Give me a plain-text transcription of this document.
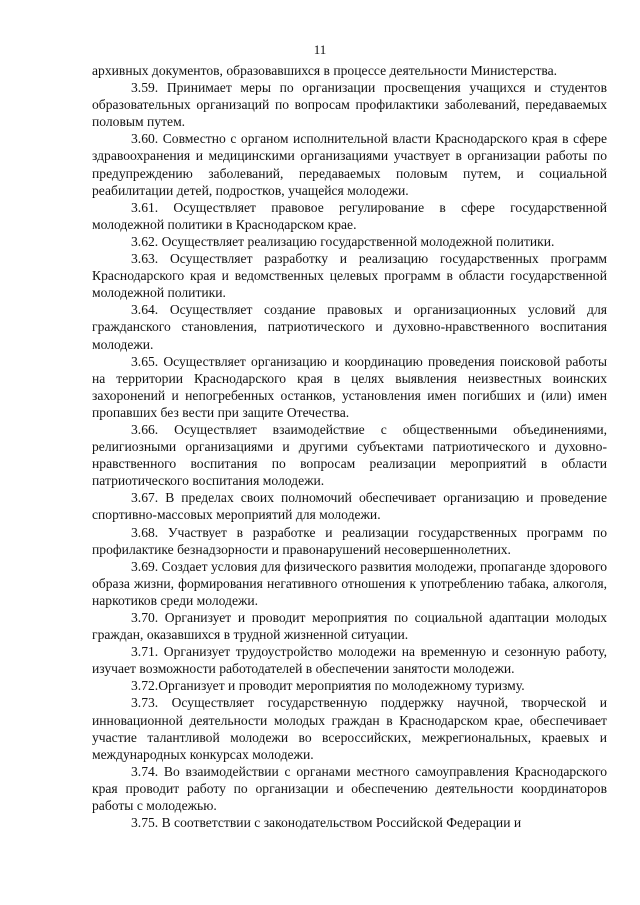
11

архивных документов, образовавшихся в процессе деятельности Министерства.

3.59. Принимает меры по организации просвещения учащихся и студентов образовательных организаций по вопросам профилактики заболеваний, передаваемых половым путем.

3.60. Совместно с органом исполнительной власти Краснодарского края в сфере здравоохранения и медицинскими организациями участвует в организации работы по предупреждению заболеваний, передаваемых половым путем, и социальной реабилитации детей, подростков, учащейся молодежи.

3.61. Осуществляет правовое регулирование в сфере государственной молодежной политики в Краснодарском крае.

3.62. Осуществляет реализацию государственной молодежной политики.

3.63. Осуществляет разработку и реализацию государственных программ Краснодарского края и ведомственных целевых программ в области государственной молодежной политики.

3.64. Осуществляет создание правовых и организационных условий для гражданского становления, патриотического и духовно-нравственного воспитания молодежи.

3.65. Осуществляет организацию и координацию проведения поисковой работы на территории Краснодарского края в целях выявления неизвестных воинских захоронений и непогребенных останков, установления имен погибших и (или) имен пропавших без вести при защите Отечества.

3.66. Осуществляет взаимодействие с общественными объединениями, религиозными организациями и другими субъектами патриотического и духовно-нравственного воспитания по вопросам реализации мероприятий в области патриотического воспитания молодежи.

3.67. В пределах своих полномочий обеспечивает организацию и проведение спортивно-массовых мероприятий для молодежи.

3.68. Участвует в разработке и реализации государственных программ по профилактике безнадзорности и правонарушений несовершеннолетних.

3.69. Создает условия для физического развития молодежи, пропаганде здорового образа жизни, формирования негативного отношения к употреблению табака, алкоголя, наркотиков среди молодежи.

3.70. Организует и проводит мероприятия по социальной адаптации молодых граждан, оказавшихся в трудной жизненной ситуации.

3.71. Организует трудоустройство молодежи на временную и сезонную работу, изучает возможности работодателей в обеспечении занятости молодежи.

3.72.Организует и проводит мероприятия по молодежному туризму.

3.73. Осуществляет государственную поддержку научной, творческой и инновационной деятельности молодых граждан в Краснодарском крае, обеспечивает участие талантливой молодежи во всероссийских, межрегиональных, краевых и международных конкурсах молодежи.

3.74. Во взаимодействии с органами местного самоуправления Краснодарского края проводит работу по организации и обеспечению деятельности координаторов работы с молодежью.

3.75. В соответствии с законодательством Российской Федерации и
